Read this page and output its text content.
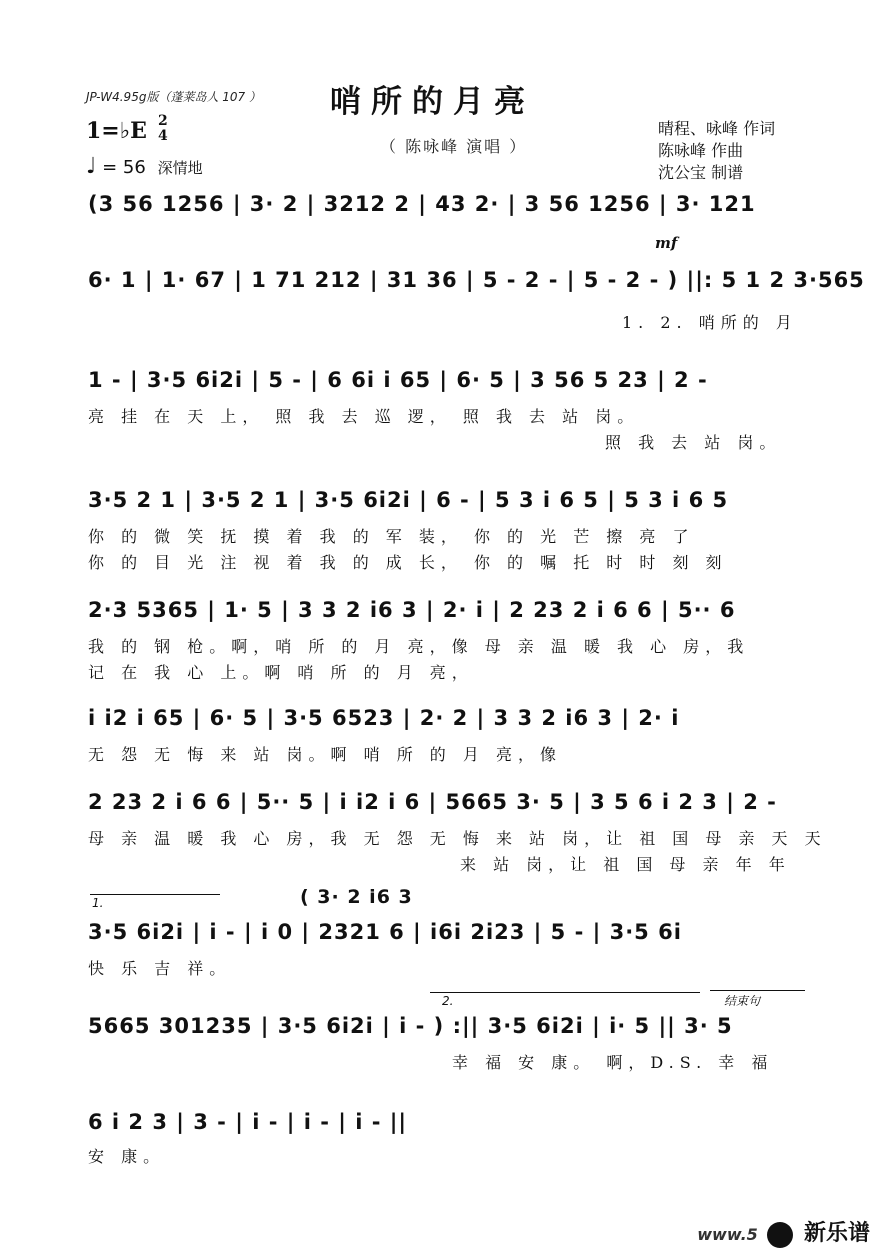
JP-W4.95g版（蓬莱岛人 107 ） 哨所的月亮
（ 陈咏峰 演唱 ）
1=♭E 2
4
♩ = 56 深情地
晴程、咏峰 作词
陈咏峰 作曲
沈公宝 制谱
(3 56 1256 | 3· 2 | 3212 2 | 43 2· | 3 56 1256 | 3· 121
mf
6· 1 | 1· 67 | 1 71 212 | 31 36 | 5 - 2 - | 5 - 2 - ) ||: 5 1 2 3·565
1. 2. 哨所的 月
1 - | 3·5 6i2i | 5 - | 6 6i i 65 | 6· 5 | 3 56 5 23 | 2 -
亮 挂 在 天 上， 照 我 去 巡 逻， 照 我 去 站 岗。
照 我 去 站 岗。
3·5 2 1 | 3·5 2 1 | 3·5 6i2i | 6 - | 5 3 i 6 5 | 5 3 i 6 5
你 的 微 笑 抚 摸 着 我 的 军 装， 你 的 光 芒 擦 亮 了
你 的 目 光 注 视 着 我 的 成 长， 你 的 嘱 托 时 时 刻 刻
2·3 5365 | 1· 5 | 3 3 2 i6 3 | 2· i | 2 23 2 i 6 6 | 5·· 6
我 的 钢 枪。啊，哨 所 的 月 亮，像 母 亲 温 暖 我 心 房，我
记 在 我 心 上。啊 哨 所 的 月 亮，
i i2 i 65 | 6· 5 | 3·5 6523 | 2· 2 | 3 3 2 i6 3 | 2· i
无 怨 无 悔 来 站 岗。啊 哨 所 的 月 亮，像
2 23 2 i 6 6 | 5·· 5 | i i2 i 6 | 5665 3· 5 | 3 5 6 i 2 3 | 2 -
母 亲 温 暖 我 心 房，我 无 怨 无 悔 来 站 岗，让 祖 国 母 亲 天 天
来 站 岗，让 祖 国 母 亲 年 年
1.	( 3· 2 i6 3
3·5 6i2i | i - | i 0 | 2321 6 | i6i 2i23 | 5 - | 3·5 6i
快 乐 吉 祥。
2.	结束句
5665 301235 | 3·5 6i2i | i - ) :|| 3·5 6i2i | i· 5 || 3· 5
幸 福 安 康。 啊，D.S. 幸 福
6 i 2 3 | 3 - | i - | i - | i - ||
安 康。
www.5 新乐谱
